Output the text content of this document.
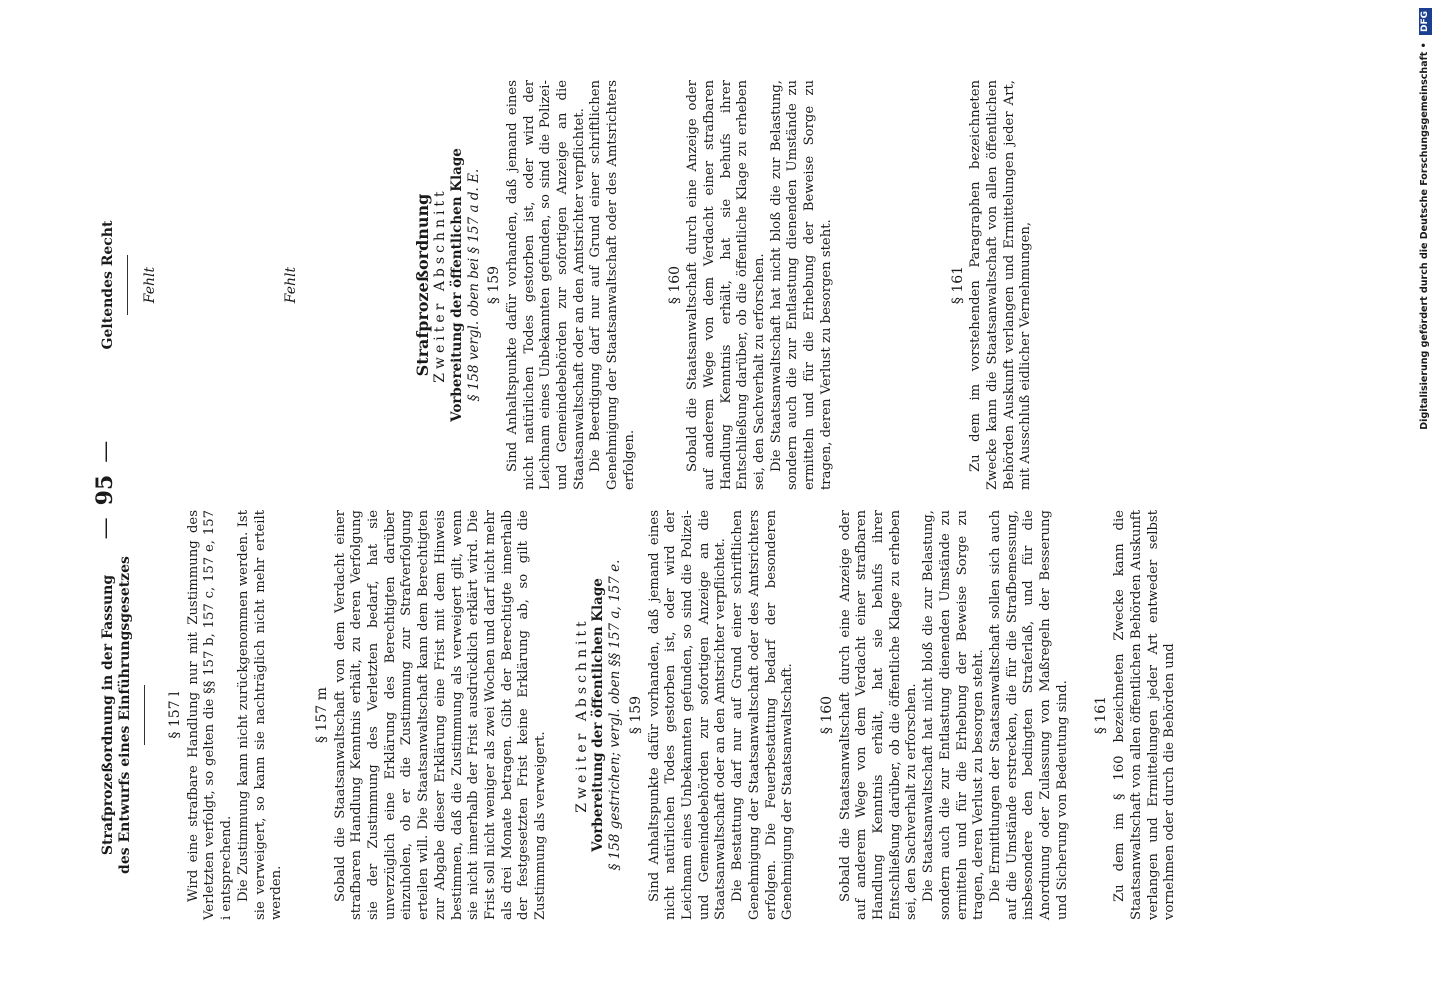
—95—
Strafprozeßordnung in der Fassung des Entwurfs eines Einführungsgesetzes § 157 l Wird eine strafbare Handlung nur mit Zustimmung des Verletzten verfolgt, so gelten die §§ 157 b, 157 c, 157 e, 157 i entsprechend. Die Zustimmung kann nicht zurückgenommen werden. Ist sie verweigert, so kann sie nachträglich nicht mehr erteilt werden.

§ 157 m Sobald die Staatsanwaltschaft von dem Verdacht einer strafbaren Handlung Kenntnis erhält, zu deren Verfolgung sie der Zustimmung des Verletzten bedarf, hat sie unverzüglich eine Erklärung des Berechtigten darüber einzuholen, ob er die Zustimmung zur Strafverfolgung erteilen will. Die Staatsanwaltschaft kann dem Berechtigten zur Abgabe dieser Erklärung eine Frist mit dem Hinweis bestimmen, daß die Zustimmung als verweigert gilt, wenn sie nicht innerhalb der Frist ausdrücklich erklärt wird. Die Frist soll nicht weniger als zwei Wochen und darf nicht mehr als drei Monate betragen. Gibt der Berechtigte innerhalb der festgesetzten Frist keine Erklärung ab, so gilt die Zustimmung als verweigert.

Zweiter Abschnitt Vorbereitung der öffentlichen Klage § 158 gestrichen; vergl. oben §§ 157 a, 157 e. § 159 Sind Anhaltspunkte dafür vorhanden, daß jemand eines nicht natürlichen Todes gestorben ist, oder wird der Leichnam eines Unbekannten gefunden, so sind die Polizei- und Gemeindebehörden zur sofortigen Anzeige an die Staatsanwaltschaft oder an den Amtsrichter verpflichtet. Die Bestattung darf nur auf Grund einer schriftlichen Genehmigung der Staatsanwaltschaft oder des Amtsrichters erfolgen. Die Feuerbestattung bedarf der besonderen Genehmigung der Staatsanwaltschaft. § 160 Sobald die Staatsanwaltschaft durch eine Anzeige oder auf anderem Wege von dem Verdacht einer strafbaren Handlung Kenntnis erhält, hat sie behufs ihrer Entschließung darüber, ob die öffentliche Klage zu erheben sei, den Sachverhalt zu erforschen. Die Staatsanwaltschaft hat nicht bloß die zur Belastung, sondern auch die zur Entlastung dienenden Umstände zu ermitteln und für die Erhebung der Beweise Sorge zu tragen, deren Verlust zu besorgen steht. Die Ermittlungen der Staatsanwaltschaft sollen sich auch auf die Umstände erstrecken, die für die Strafbemessung, insbesondere den bedingten Straferlaß, und für die Anordnung oder Zulassung von Maßregeln der Besserung und Sicherung von Bedeutung sind. § 161 Zu dem im § 160 bezeichneten Zwecke kann die Staatsanwaltschaft von allen öffentlichen Behörden Auskunft verlangen und Ermittelungen jeder Art entweder selbst vornehmen oder durch die Behörden und

Geltendes Recht Fehlt	Fehlt	Strafprozeßordnung Zweiter Abschnitt Vorbereitung der öffentlichen Klage § 158 vergl. oben bei § 157 a d. E. § 159 Sind Anhaltspunkte dafür vorhanden, daß jemand eines nicht natürlichen Todes gestorben ist, oder wird der Leichnam eines Unbekannten gefunden, so sind die Polizei- und Gemeindebehörden zur sofortigen Anzeige an die Staatsanwaltschaft oder an den Amtsrichter verpflichtet. Die Beerdigung darf nur auf Grund einer schriftlichen Genehmigung der Staatsanwaltschaft oder des Amtsrichters erfolgen.

§ 160 Sobald die Staatsanwaltschaft durch eine Anzeige oder auf anderem Wege von dem Verdacht einer strafbaren Handlung Kenntnis erhält, hat sie behufs ihrer Entschließung darüber, ob die öffentliche Klage zu erheben sei, den Sachverhalt zu erforschen. Die Staatsanwaltschaft hat nicht bloß die zur Belastung, sondern auch die zur Entlastung dienenden Umstände zu ermitteln und für die Erhebung der Beweise Sorge zu tragen, deren Verlust zu besorgen steht.	§ 161 Zu dem im vorstehenden Paragraphen bezeichneten Zwecke kann die Staatsanwaltschaft von allen öffentlichen Behörden Auskunft verlangen und Ermittelungen jeder Art, mit Ausschluß eidlicher Vernehmungen,	Digitalisierung gefördert durch die Deutsche Forschungsgemeinschaft • DFG
